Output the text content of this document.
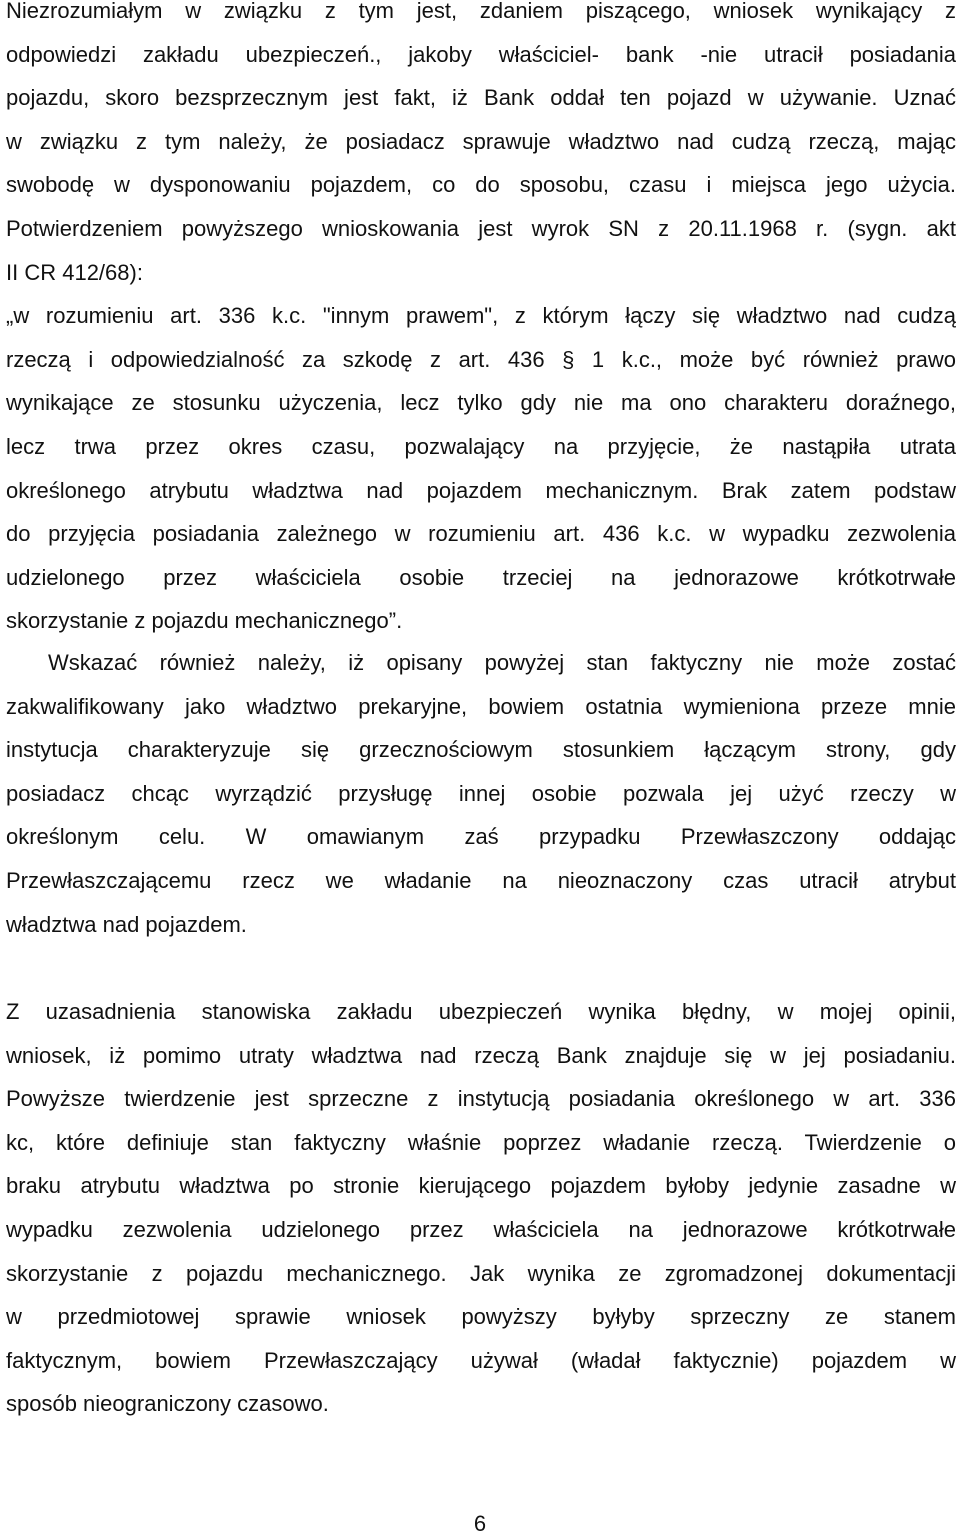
Niezrozumiałym w związku z tym jest, zdaniem piszącego, wniosek wynikający z
odpowiedzi zakładu ubezpieczeń., jakoby właściciel- bank -nie utracił posiadania
pojazdu, skoro bezsprzecznym jest fakt, iż Bank oddał ten pojazd w używanie. Uznać
w związku z tym należy, że posiadacz sprawuje władztwo nad cudzą rzeczą, mając
swobodę w dysponowaniu pojazdem, co do sposobu, czasu i miejsca jego użycia.
Potwierdzeniem powyższego wnioskowania jest wyrok SN z 20.11.1968 r. (sygn. akt
II CR 412/68):
„w rozumieniu art. 336 k.c. "innym prawem", z którym łączy się władztwo nad cudzą
rzeczą i odpowiedzialność za szkodę z art. 436 § 1 k.c., może być również prawo
wynikające ze stosunku użyczenia, lecz tylko gdy nie ma ono charakteru doraźnego,
lecz trwa przez okres czasu, pozwalający na przyjęcie, że nastąpiła utrata
określonego atrybutu władztwa nad pojazdem mechanicznym. Brak zatem podstaw
do przyjęcia posiadania zależnego w rozumieniu art. 436 k.c. w wypadku zezwolenia
udzielonego przez właściciela osobie trzeciej na jednorazowe krótkotrwałe
skorzystanie z pojazdu mechanicznego”.
Wskazać również należy, iż opisany powyżej stan faktyczny nie może zostać
zakwalifikowany jako władztwo prekaryjne, bowiem ostatnia wymieniona przeze mnie
instytucja charakteryzuje się grzecznościowym stosunkiem łączącym strony, gdy
posiadacz chcąc wyrządzić przysługę innej osobie pozwala jej użyć rzeczy w
określonym celu. W omawianym zaś przypadku Przewłaszczony oddając
Przewłaszczającemu rzecz we władanie na nieoznaczony czas utracił atrybut
władztwa nad pojazdem.
Z uzasadnienia stanowiska zakładu ubezpieczeń wynika błędny, w mojej opinii,
wniosek, iż pomimo utraty władztwa nad rzeczą Bank znajduje się w jej posiadaniu.
Powyższe twierdzenie jest sprzeczne z instytucją posiadania określonego w art. 336
kc, które definiuje stan faktyczny właśnie poprzez władanie rzeczą. Twierdzenie o
braku atrybutu władztwa po stronie kierującego pojazdem byłoby jedynie zasadne w
wypadku zezwolenia udzielonego przez właściciela na jednorazowe krótkotrwałe
skorzystanie z pojazdu mechanicznego. Jak wynika ze zgromadzonej dokumentacji
w przedmiotowej sprawie wniosek powyższy byłyby sprzeczny ze stanem
faktycznym, bowiem Przewłaszczający używał (władał faktycznie) pojazdem w
sposób nieograniczony czasowo.
6
